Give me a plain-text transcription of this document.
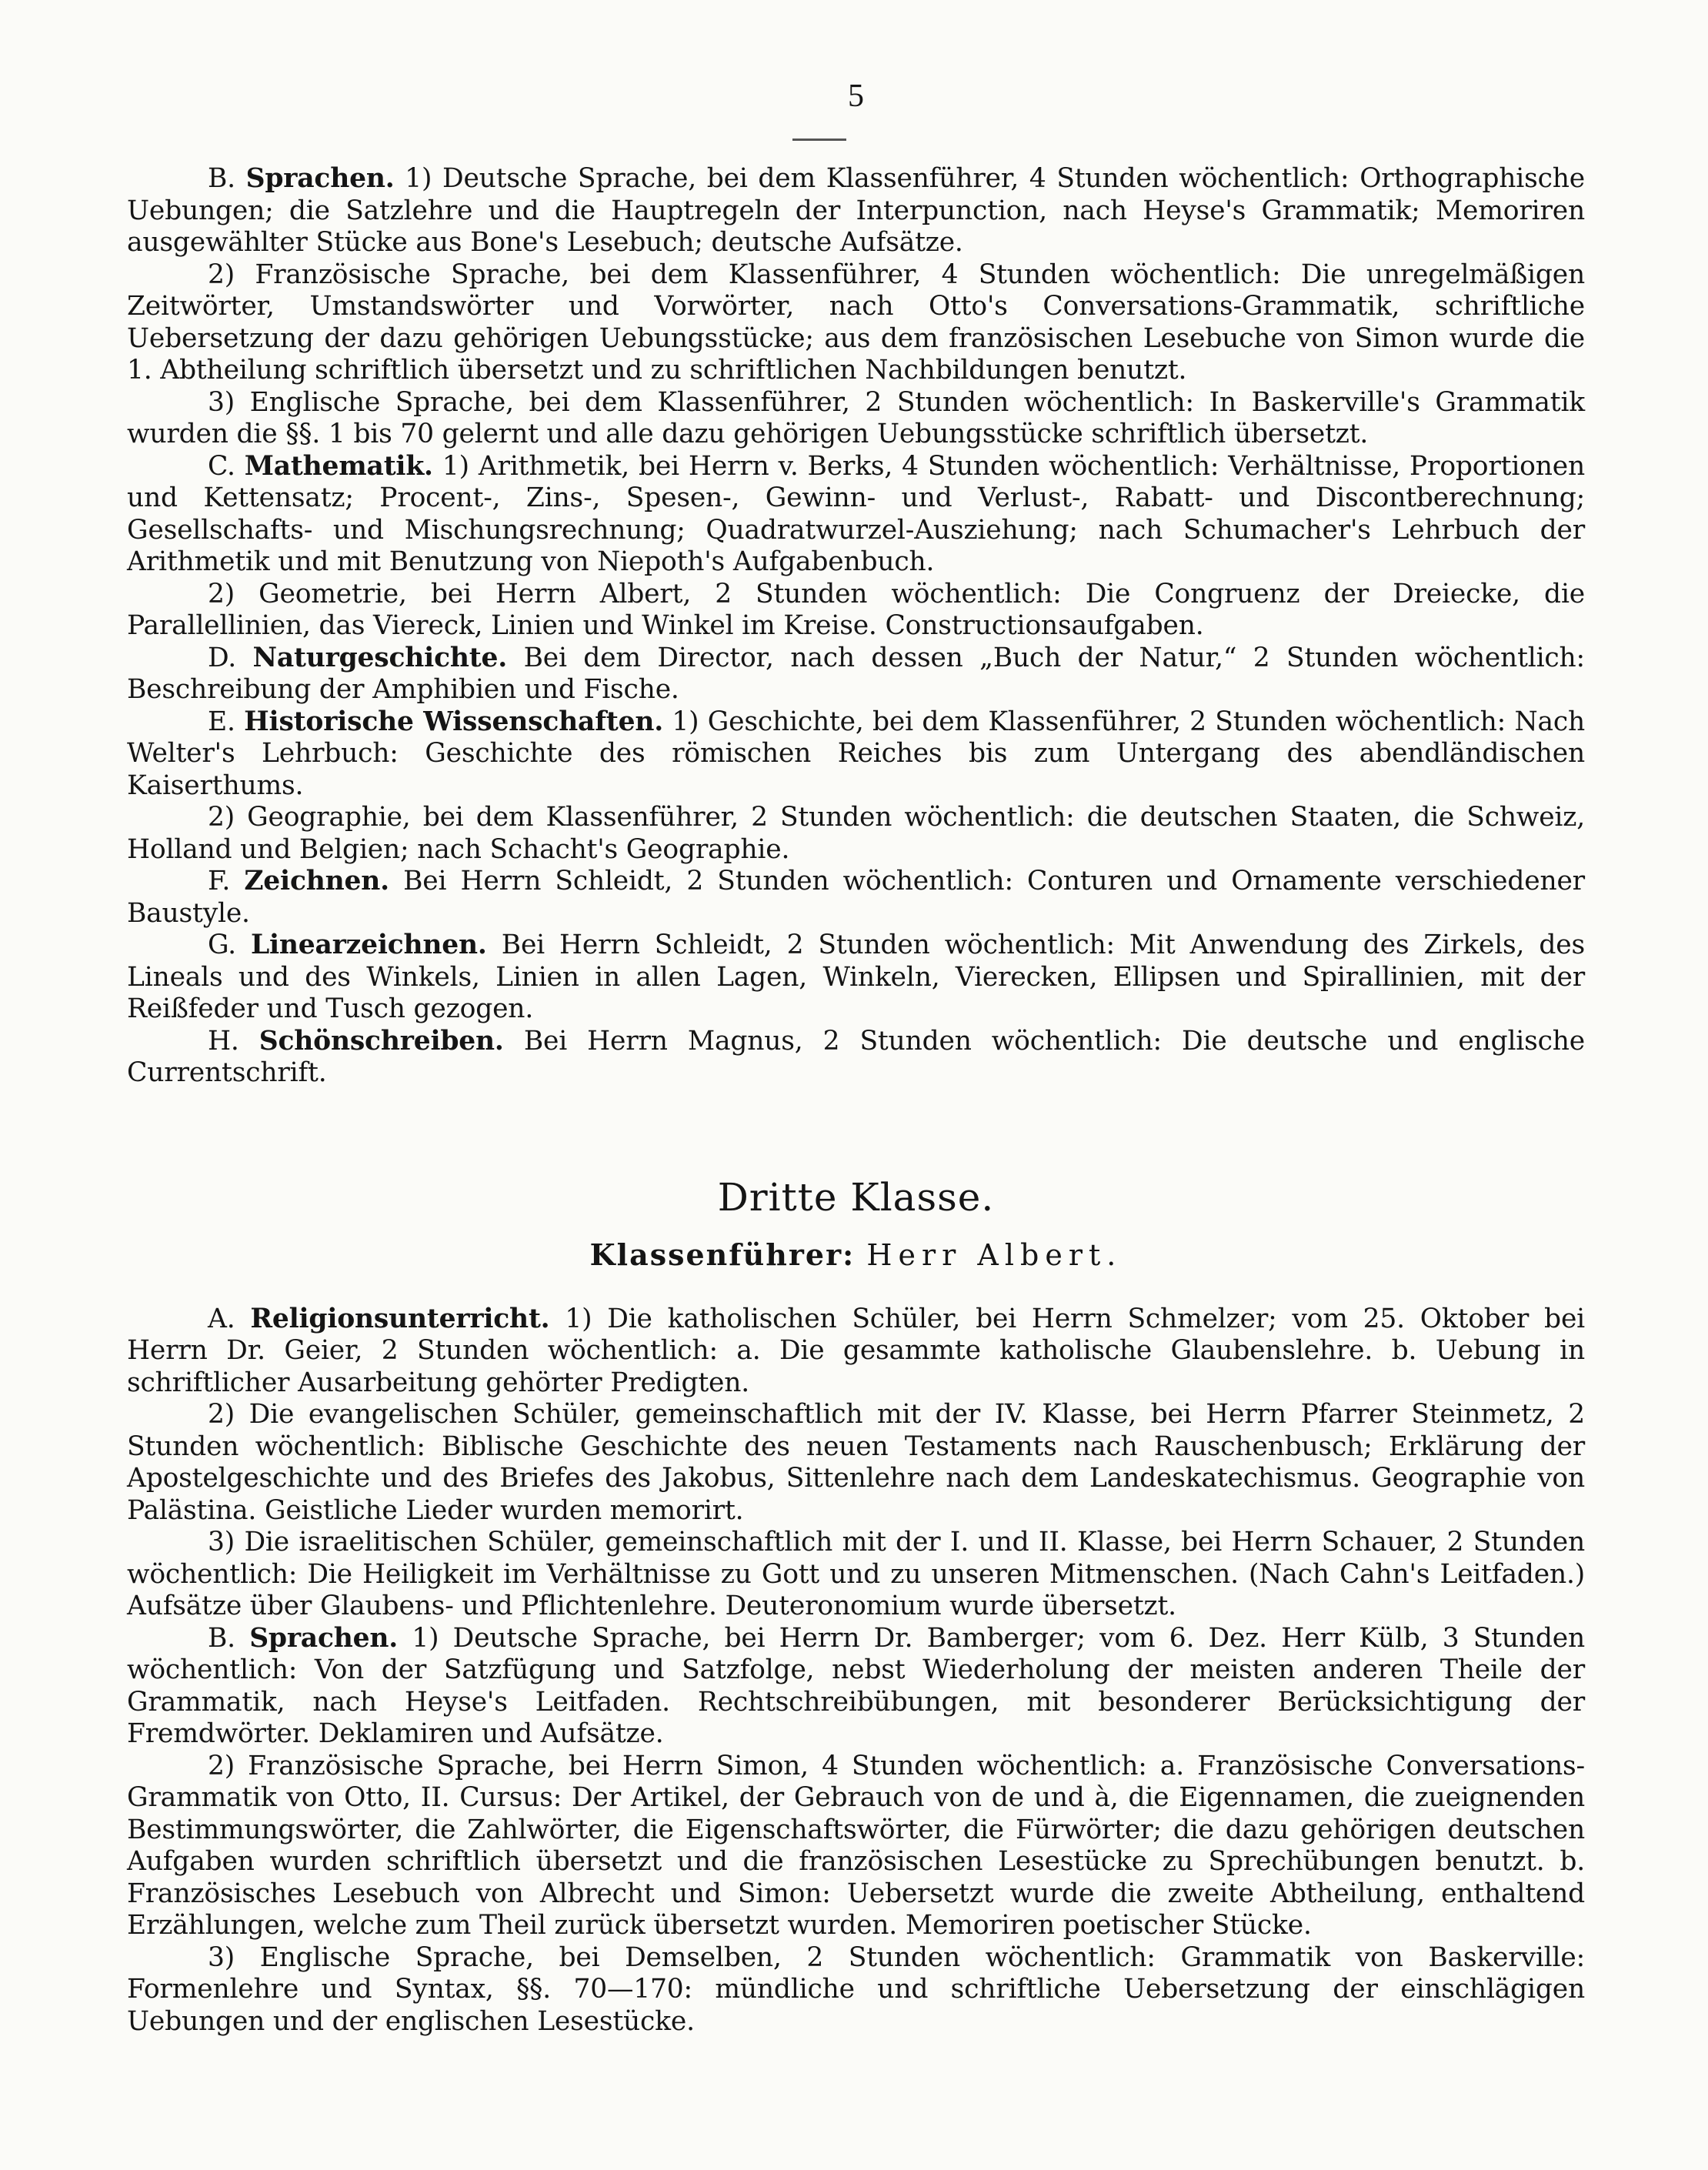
5

B. Sprachen. 1) Deutsche Sprache, bei dem Klassenführer, 4 Stunden wöchentlich: Orthographische Uebungen; die Satzlehre und die Hauptregeln der Interpunction, nach Heyse's Grammatik; Memoriren ausgewählter Stücke aus Bone's Lesebuch; deutsche Aufsätze.

2) Französische Sprache, bei dem Klassenführer, 4 Stunden wöchentlich: Die unregelmäßigen Zeitwörter, Umstandswörter und Vorwörter, nach Otto's Conversations-Grammatik, schriftliche Uebersetzung der dazu gehörigen Uebungsstücke; aus dem französischen Lesebuche von Simon wurde die 1. Abtheilung schriftlich übersetzt und zu schriftlichen Nachbildungen benutzt.

3) Englische Sprache, bei dem Klassenführer, 2 Stunden wöchentlich: In Baskerville's Grammatik wurden die §§. 1 bis 70 gelernt und alle dazu gehörigen Uebungsstücke schriftlich übersetzt.

C. Mathematik. 1) Arithmetik, bei Herrn v. Berks, 4 Stunden wöchentlich: Verhältnisse, Proportionen und Kettensatz; Procent-, Zins-, Spesen-, Gewinn- und Verlust-, Rabatt- und Discontberechnung; Gesellschafts- und Mischungsrechnung; Quadratwurzel-Ausziehung; nach Schumacher's Lehrbuch der Arithmetik und mit Benutzung von Niepoth's Aufgabenbuch.

2) Geometrie, bei Herrn Albert, 2 Stunden wöchentlich: Die Congruenz der Dreiecke, die Parallellinien, das Viereck, Linien und Winkel im Kreise. Constructionsaufgaben.

D. Naturgeschichte. Bei dem Director, nach dessen „Buch der Natur,“ 2 Stunden wöchentlich: Beschreibung der Amphibien und Fische.

E. Historische Wissenschaften. 1) Geschichte, bei dem Klassenführer, 2 Stunden wöchentlich: Nach Welter's Lehrbuch: Geschichte des römischen Reiches bis zum Untergang des abendländischen Kaiserthums.

2) Geographie, bei dem Klassenführer, 2 Stunden wöchentlich: die deutschen Staaten, die Schweiz, Holland und Belgien; nach Schacht's Geographie.

F. Zeichnen. Bei Herrn Schleidt, 2 Stunden wöchentlich: Conturen und Ornamente verschiedener Baustyle.

G. Linearzeichnen. Bei Herrn Schleidt, 2 Stunden wöchentlich: Mit Anwendung des Zirkels, des Lineals und des Winkels, Linien in allen Lagen, Winkeln, Vierecken, Ellipsen und Spirallinien, mit der Reißfeder und Tusch gezogen.

H. Schönschreiben. Bei Herrn Magnus, 2 Stunden wöchentlich: Die deutsche und englische Currentschrift.

Dritte Klasse.
Klassenführer: Herr Albert.

A. Religionsunterricht. 1) Die katholischen Schüler, bei Herrn Schmelzer; vom 25. Oktober bei Herrn Dr. Geier, 2 Stunden wöchentlich: a. Die gesammte katholische Glaubenslehre. b. Uebung in schriftlicher Ausarbeitung gehörter Predigten.

2) Die evangelischen Schüler, gemeinschaftlich mit der IV. Klasse, bei Herrn Pfarrer Steinmetz, 2 Stunden wöchentlich: Biblische Geschichte des neuen Testaments nach Rauschenbusch; Erklärung der Apostelgeschichte und des Briefes des Jakobus, Sittenlehre nach dem Landeskatechismus. Geographie von Palästina. Geistliche Lieder wurden memorirt.

3) Die israelitischen Schüler, gemeinschaftlich mit der I. und II. Klasse, bei Herrn Schauer, 2 Stunden wöchentlich: Die Heiligkeit im Verhältnisse zu Gott und zu unseren Mitmenschen. (Nach Cahn's Leitfaden.) Aufsätze über Glaubens- und Pflichtenlehre. Deuteronomium wurde übersetzt.

B. Sprachen. 1) Deutsche Sprache, bei Herrn Dr. Bamberger; vom 6. Dez. Herr Külb, 3 Stunden wöchentlich: Von der Satzfügung und Satzfolge, nebst Wiederholung der meisten anderen Theile der Grammatik, nach Heyse's Leitfaden. Rechtschreibübungen, mit besonderer Berücksichtigung der Fremdwörter. Deklamiren und Aufsätze.

2) Französische Sprache, bei Herrn Simon, 4 Stunden wöchentlich: a. Französische Conversations-Grammatik von Otto, II. Cursus: Der Artikel, der Gebrauch von de und à, die Eigennamen, die zueignenden Bestimmungswörter, die Zahlwörter, die Eigenschaftswörter, die Fürwörter; die dazu gehörigen deutschen Aufgaben wurden schriftlich übersetzt und die französischen Lesestücke zu Sprechübungen benutzt. b. Französisches Lesebuch von Albrecht und Simon: Uebersetzt wurde die zweite Abtheilung, enthaltend Erzählungen, welche zum Theil zurück übersetzt wurden. Memoriren poetischer Stücke.

3) Englische Sprache, bei Demselben, 2 Stunden wöchentlich: Grammatik von Baskerville: Formenlehre und Syntax, §§. 70—170: mündliche und schriftliche Uebersetzung der einschlägigen Uebungen und der englischen Lesestücke.
